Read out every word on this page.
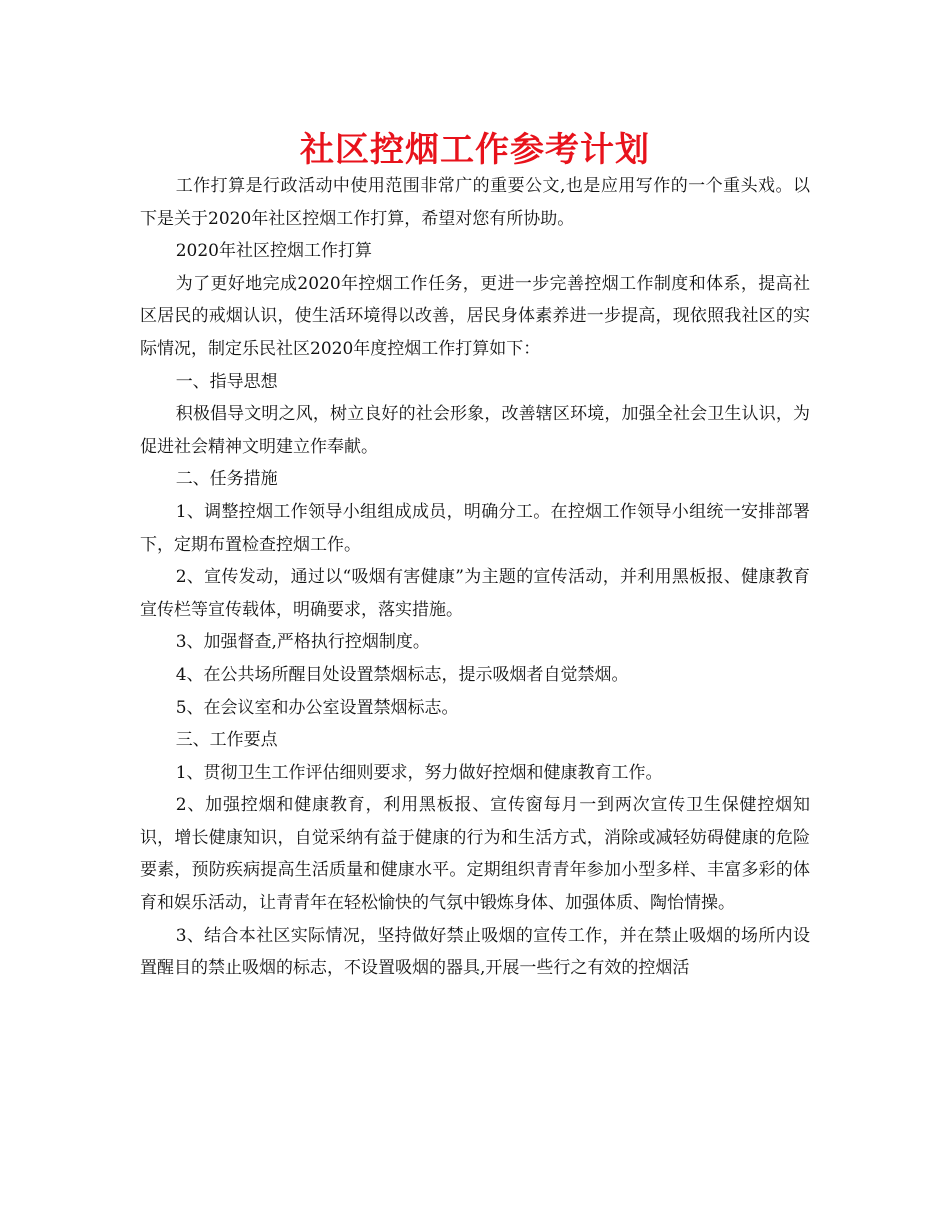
社区控烟工作参考计划

工作打算是行政活动中使用范围非常广的重要公文,也是应用写作的一个重头戏。以下是关于2020年社区控烟工作打算，希望对您有所协助。

2020年社区控烟工作打算

为了更好地完成2020年控烟工作任务，更进一步完善控烟工作制度和体系，提高社区居民的戒烟认识，使生活环境得以改善，居民身体素养进一步提高，现依照我社区的实际情况，制定乐民社区2020年度控烟工作打算如下：

一、指导思想

积极倡导文明之风，树立良好的社会形象，改善辖区环境，加强全社会卫生认识，为促进社会精神文明建立作奉献。

二、任务措施

1、调整控烟工作领导小组组成成员，明确分工。在控烟工作领导小组统一安排部署下，定期布置检查控烟工作。

2、宣传发动，通过以“吸烟有害健康”为主题的宣传活动，并利用黑板报、健康教育宣传栏等宣传载体，明确要求，落实措施。

3、加强督查,严格执行控烟制度。

4、在公共场所醒目处设置禁烟标志，提示吸烟者自觉禁烟。

5、在会议室和办公室设置禁烟标志。

三、工作要点

1、贯彻卫生工作评估细则要求，努力做好控烟和健康教育工作。

2、加强控烟和健康教育，利用黑板报、宣传窗每月一到两次宣传卫生保健控烟知识，增长健康知识，自觉采纳有益于健康的行为和生活方式，消除或减轻妨碍健康的危险要素，预防疾病提高生活质量和健康水平。定期组织青青年参加小型多样、丰富多彩的体育和娱乐活动，让青青年在轻松愉快的气氛中锻炼身体、加强体质、陶怡情操。

3、结合本社区实际情况，坚持做好禁止吸烟的宣传工作，并在禁止吸烟的场所内设置醒目的禁止吸烟的标志，不设置吸烟的器具,开展一些行之有效的控烟活
